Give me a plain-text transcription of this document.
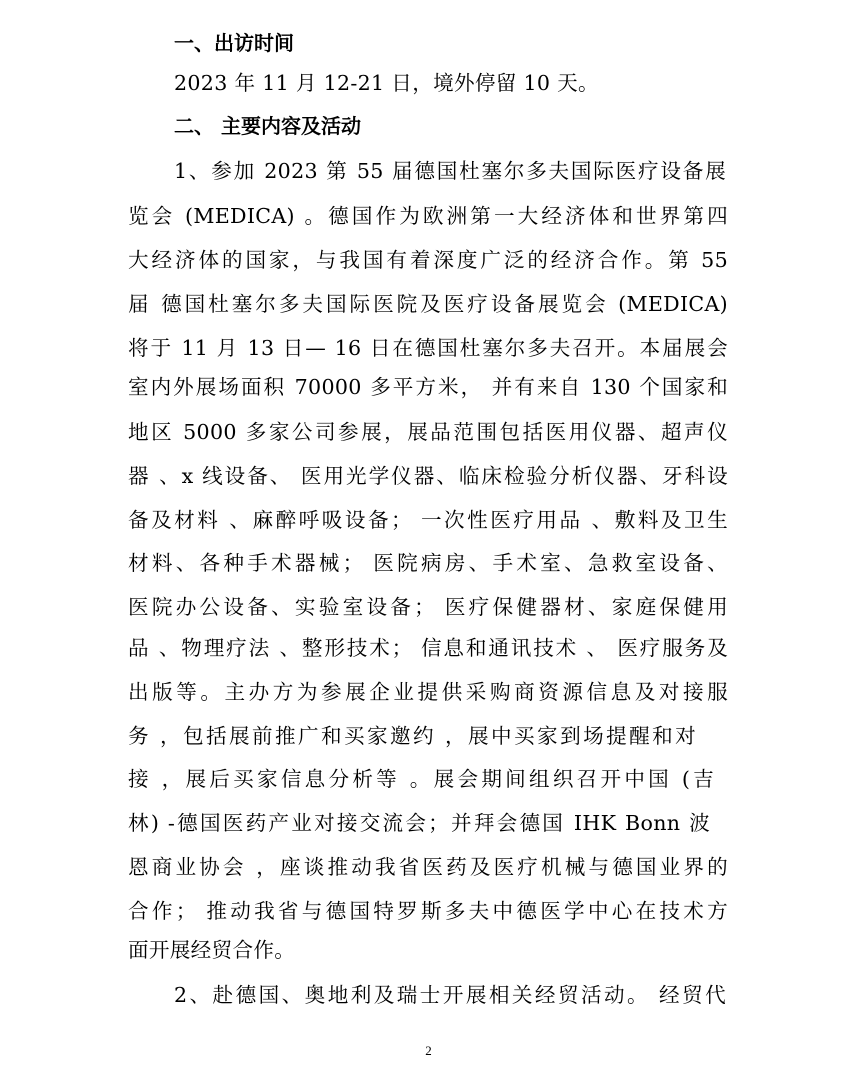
一、出访时间
2023 年 11 月 12-21 日，境外停留 10 天。
二、 主要内容及活动
1、参加 2023 第 55 届德国杜塞尔多夫国际医疗设备展
览会 (MEDICA) 。德国作为欧洲第一大经济体和世界第四
大经济体的国家，与我国有着深度广泛的经济合作。第 55
届 德国杜塞尔多夫国际医院及医疗设备展览会 (MEDICA)
将于 11 月 13 日— 16 日在德国杜塞尔多夫召开。本届展会
室内外展场面积 70000 多平方米， 并有来自 130 个国家和
地区 5000 多家公司参展，展品范围包括医用仪器、超声仪
器 、x 线设备、 医用光学仪器、临床检验分析仪器、牙科设
备及材料 、麻醉呼吸设备； 一次性医疗用品 、敷料及卫生
材料、各种手术器械； 医院病房、手术室、急救室设备、
医院办公设备、实验室设备； 医疗保健器材、家庭保健用
品 、物理疗法 、整形技术； 信息和通讯技术 、 医疗服务及
出版等。主办方为参展企业提供采购商资源信息及对接服
务 ，包括展前推广和买家邀约 ，展中买家到场提醒和对
接 ，展后买家信息分析等 。展会期间组织召开中国 (吉
林) -德国医药产业对接交流会；并拜会德国 IHK Bonn 波
恩商业协会 ，座谈推动我省医药及医疗机械与德国业界的
合作； 推动我省与德国特罗斯多夫中德医学中心在技术方
面开展经贸合作。
2、赴德国、奥地利及瑞士开展相关经贸活动。 经贸代
2
